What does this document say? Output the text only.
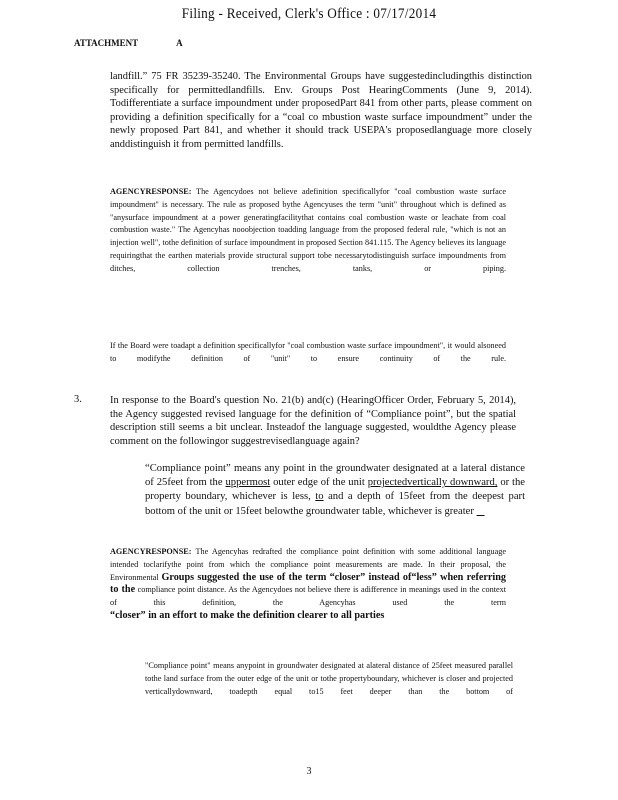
Filing - Received, Clerk's Office : 07/17/2014
ATTACHMENT	A

landfill.” 75 FR 35239-35240. The Environmental Groups have suggestedincludingthis distinction specifically for permittedlandfills. Env. Groups Post HearingComments (June 9, 2014). Todifferentiate a surface impoundment under proposedPart 841 from other parts, please comment on providing a definition specifically for a “coal co mbustion waste surface impoundment” under the newly proposed Part 841, and whether it should track USEPA's proposedlanguage more closely anddistinguish it from permitted landfills.

AGENCYRESPONSE: The Agencydoes not believe adefinition specificallyfor "coal combustion waste surface impoundment" is necessary. The rule as proposed bythe Agencyuses the term "unit" throughout which is defined as "anysurface impoundment at a power generatingfacilitythat contains coal combustion waste or leachate from coal combustion waste." The Agencyhas nooobjection toadding language from the proposed federal rule, "which is not an injection well", tothe definition of surface impoundment in proposed Section 841.115. The Agency believes its language requiringthat the earthen materials provide structural support tobe necessarytodistinguish surface impoundments from ditches, collection trenches, tanks, or piping.
If the Board were toadapt a definition specificallyfor "coal combustion waste surface impoundment", it would alsoneed to modifythe definition of "unit" to ensure continuity of the rule.
3.	In response to the Board's question No. 21(b) and(c) (HearingOfficer Order, February 5, 2014), the Agency suggested revised language for the definition of “Compliance point”, but the spatial description still seems a bit unclear. Insteadof the language suggested, wouldthe Agency please comment on the followingor suggestrevisedlanguage again?

“Compliance point” means any point in the groundwater designated at a lateral distance of 25feet from the uppermost outer edge of the unit projectedvertically downward, or the property boundary, whichever is less, to and a depth of 15feet from the deepest part bottom of the unit or 15feet belowthe groundwater table, whichever is greater

AGENCYRESPONSE: The Agencyhas redrafted the compliance point definition with some additional language intended toclarifythe point from which the compliance point measurements are made. In their proposal, the Environmental Groups suggested the use of the term “closer” instead of“less” when referring to the compliance point distance. As the Agencydoes not believe there is adifference in meanings used in the context of this definition, the Agencyhas used the term
“closer” in an effort to make the definition clearer to all parties
"Compliance point" means anypoint in groundwater designated at alateral distance of 25feet measured parallel tothe land surface from the outer edge of the unit or tothe propertyboundary, whichever is closer and projected verticallydownward, toadepth equal to15 feet deeper than the bottom of
3
